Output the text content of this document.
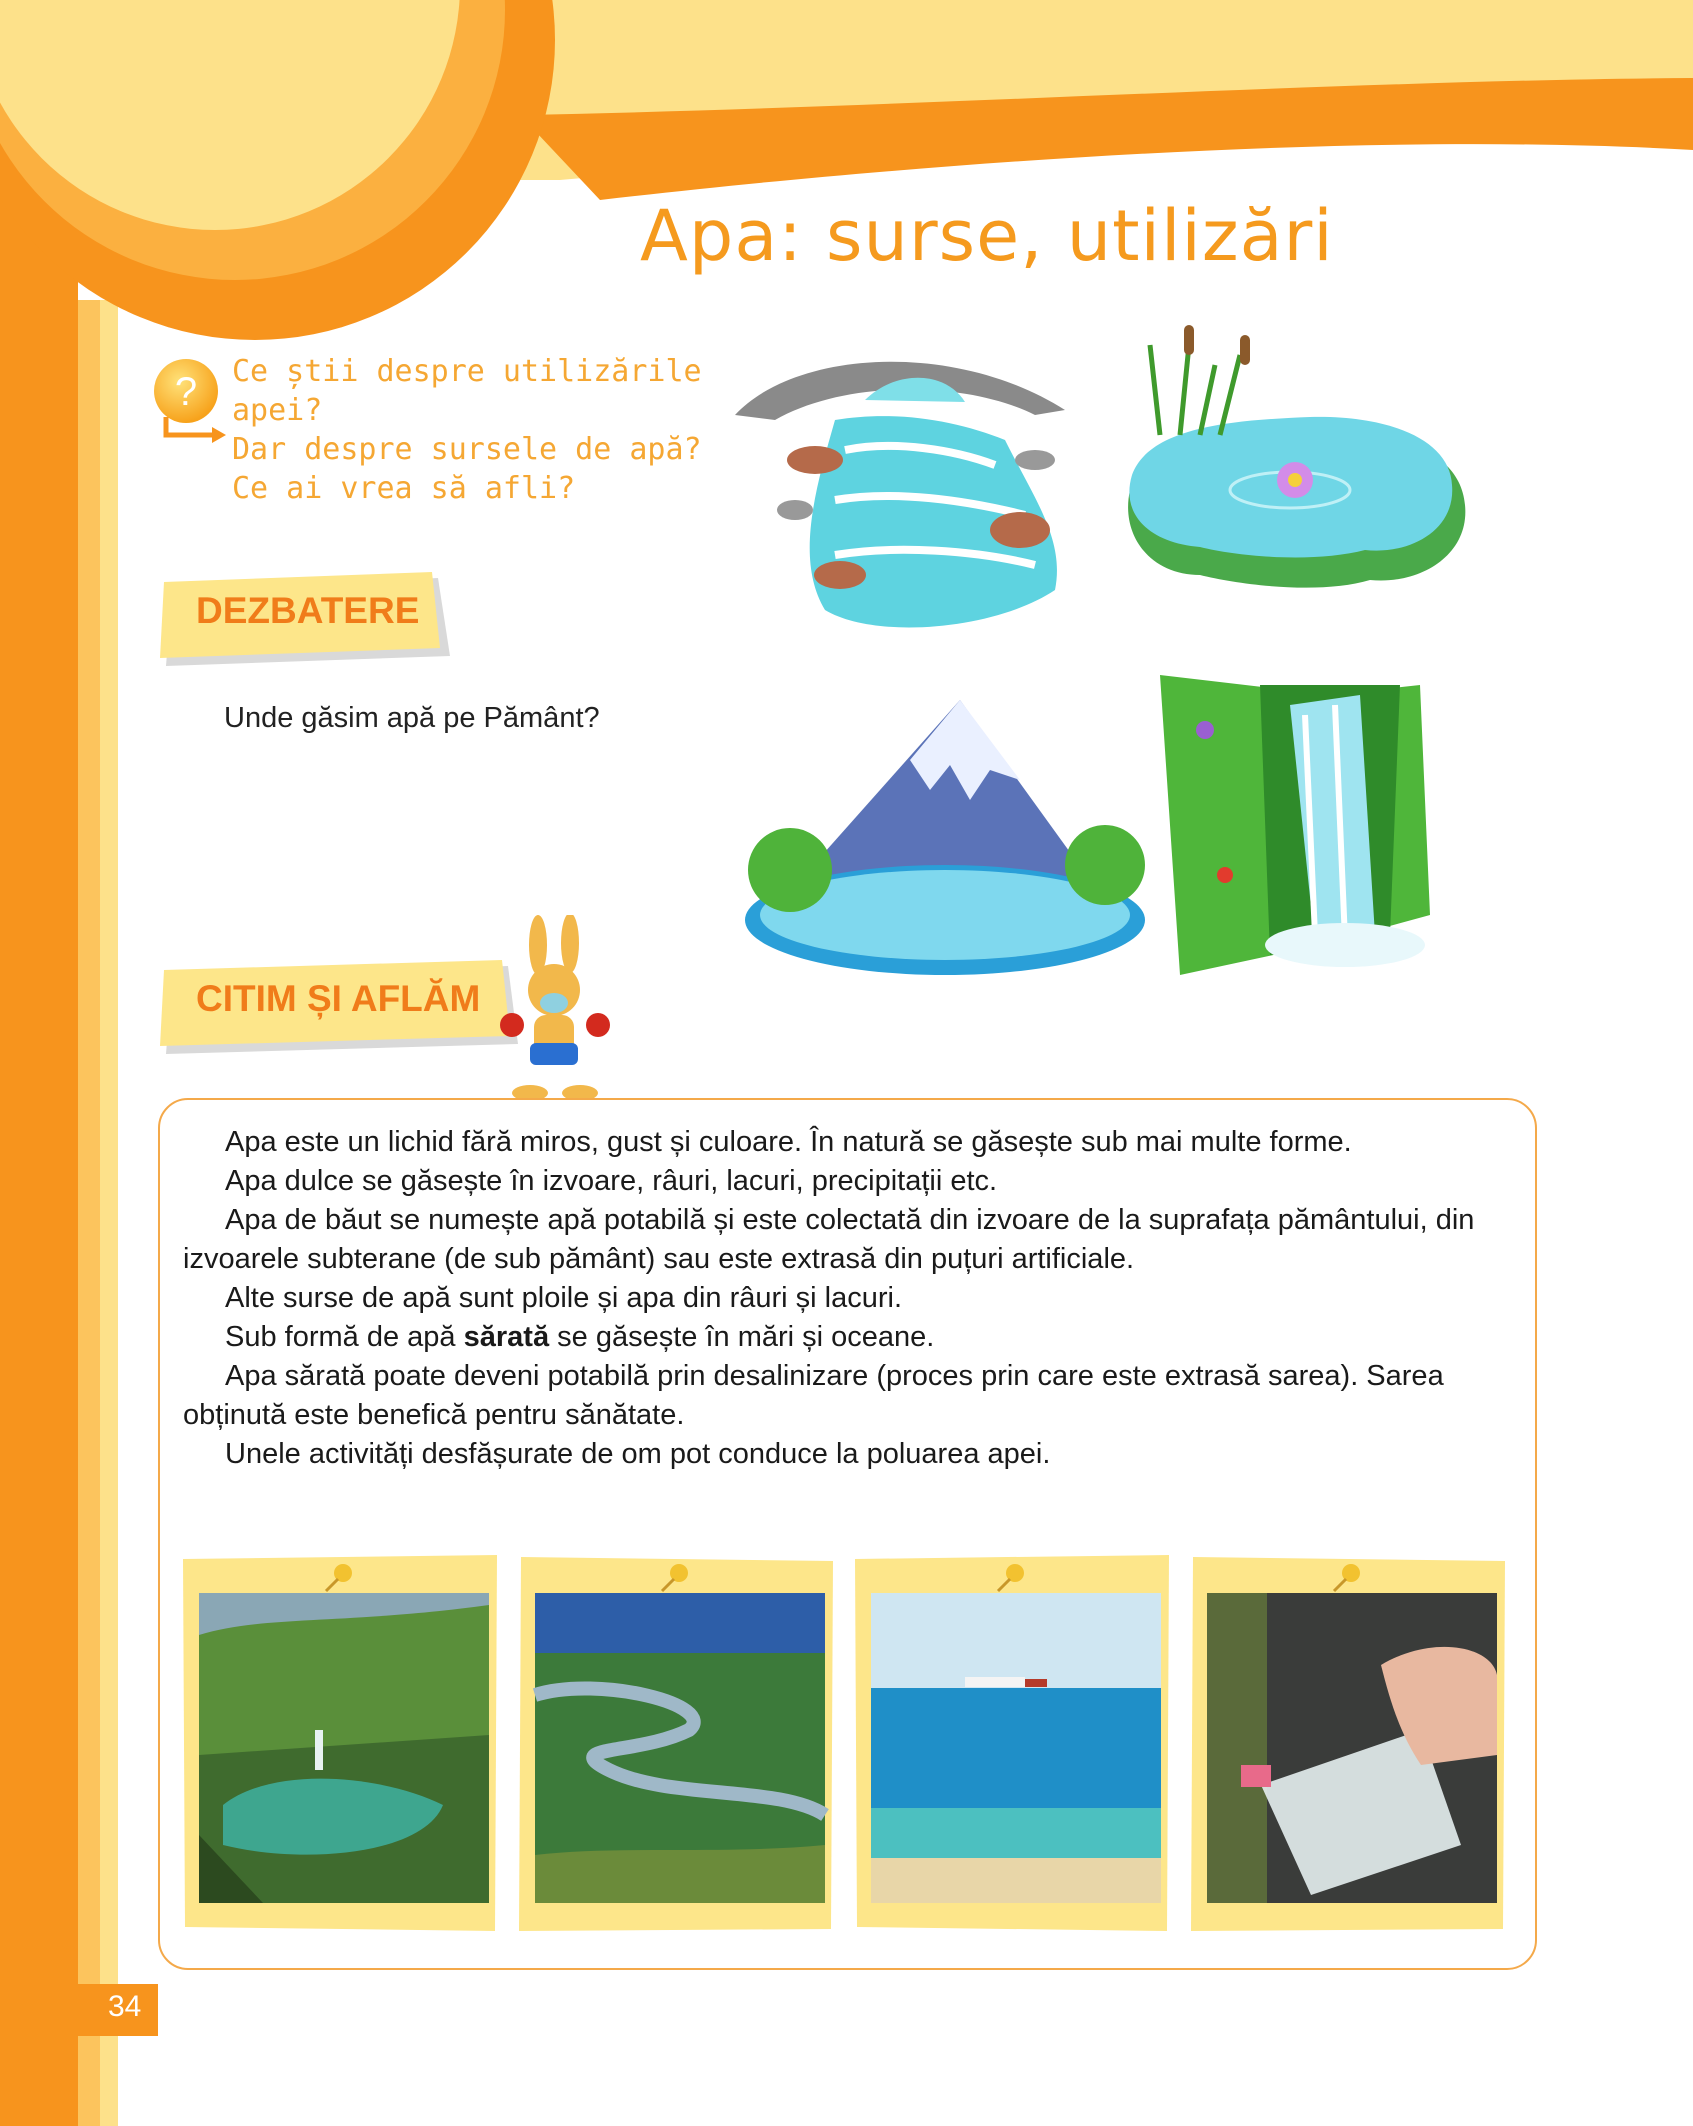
Apa: surse, utilizări
? Ce știi despre utilizările
apei?
Dar despre sursele de apă?
Ce ai vrea să afli?
DEZBATERE
Unde găsim apă pe Pământ?
CITIM ȘI AFLĂM

Apa este un lichid fără miros, gust și culoare. În natură se găsește sub mai multe forme.

Apa dulce se găsește în izvoare, râuri, lacuri, precipitații etc.

Apa de băut se numește apă potabilă și este colectată din izvoare de la suprafața pământului, din izvoarele subterane (de sub pământ) sau este extrasă din puțuri artificiale.

Alte surse de apă sunt ploile și apa din râuri și lacuri.

Sub formă de apă sărată se găsește în mări și oceane.

Apa sărată poate deveni potabilă prin desalinizare (proces prin care este extrasă sarea). Sarea obținută este benefică pentru sănătate.

Unele activități desfășurate de om pot conduce la poluarea apei.

34
